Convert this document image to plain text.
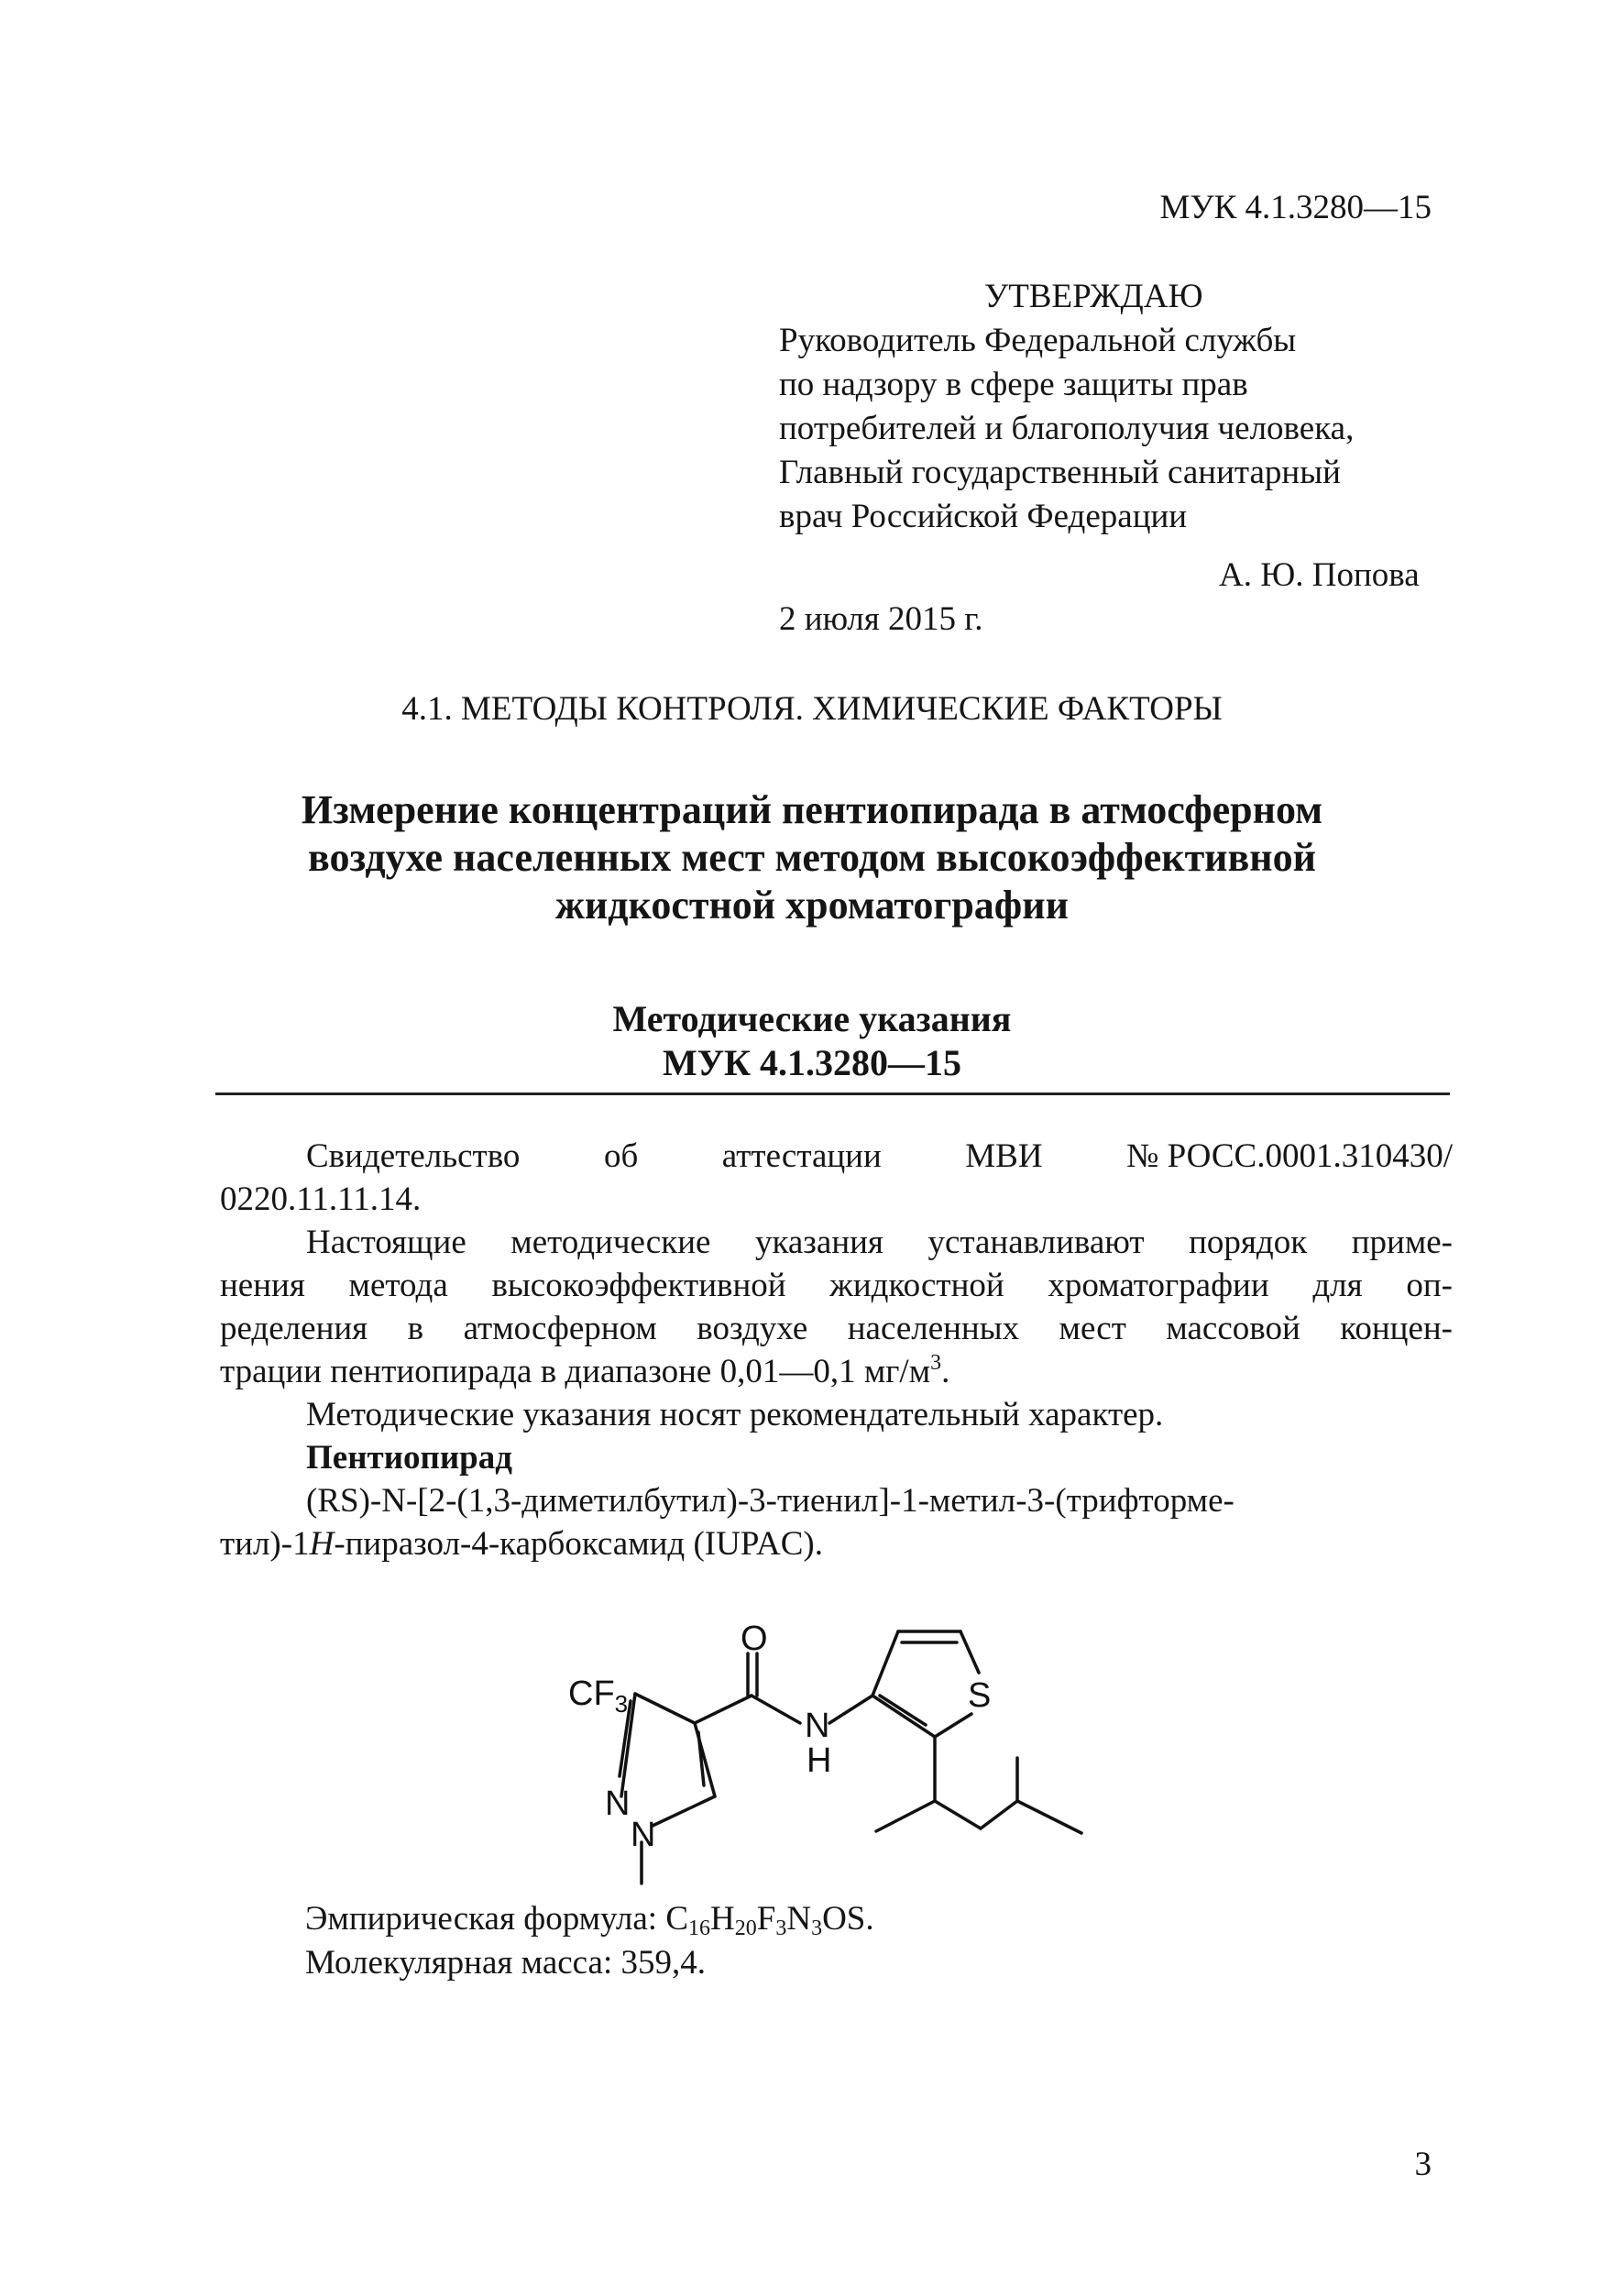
МУК 4.1.3280—15
УТВЕРЖДАЮ
Руководитель Федеральной службы
по надзору в сфере защиты прав
потребителей и благополучия человека,
Главный государственный санитарный
врач Российской Федерации
А. Ю. Попова
2 июля 2015 г.
4.1. МЕТОДЫ КОНТРОЛЯ. ХИМИЧЕСКИЕ ФАКТОРЫ
Измерение концентраций пентиопирада в атмосферном
воздухе населенных мест методом высокоэффективной
жидкостной хроматографии
Методические указания
МУК 4.1.3280—15
Свидетельство об аттестации МВИ № РОСС.0001.310430/
0220.11.11.14.
Настоящие методические указания устанавливают порядок приме-
нения метода высокоэффективной жидкостной хроматографии для оп-
ределения в атмосферном воздухе населенных мест массовой концен-
трации пентиопирада в диапазоне 0,01—0,1 $мг/м^3$.
Методические указания носят рекомендательный характер.
Пентиопирад
(RS)-N-[2-(1,3-диметилбутил)-3-тиенил]-1-метил-3-(трифторме-
тил)-1H-пиразол-4-карбоксамид (IUPAC).
O
$CF_3$
N
H
S
N
N
Эмпирическая формула: $C_{16}H_{20}F_3N_3OS$.
Молекулярная масса: 359,4.
3
